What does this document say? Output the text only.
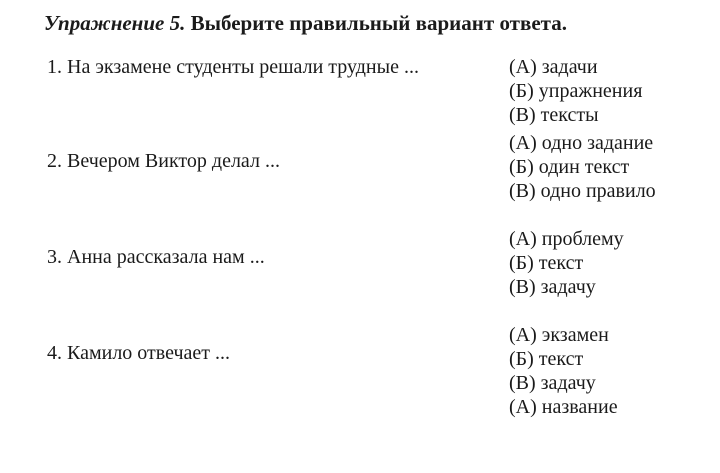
Упражнение 5. Выберите правильный вариант ответа.
1. На экзамене студенты решали трудные ...	(А) задачи
(Б) упражнения
(В) тексты
2. Вечером Виктор делал ...
(А) одно задание
(Б) один текст
(В) одно правило
3. Анна рассказала нам ...
(А) проблему
(Б) текст
(В) задачу
4. Камило отвечает ...
(А) экзамен
(Б) текст
(В) задачу
(А) название
